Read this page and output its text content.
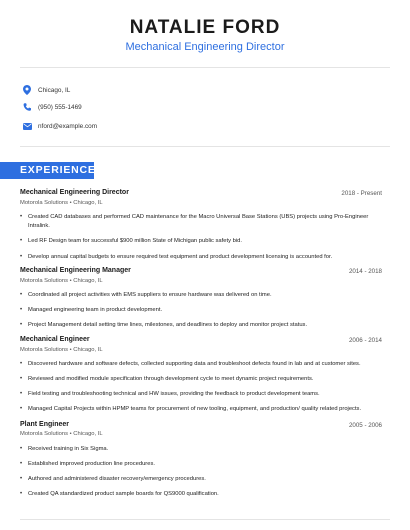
NATALIE FORD
Mechanical Engineering Director
Chicago, IL
(950) 555-1469
nford@example.com
EXPERIENCE
Mechanical Engineering Director	2018 - Present
Motorola Solutions • Chicago, IL
• Created CAD databases and performed CAD maintenance for the Macro Universal Base Stations (UBS) projects using Pro-Engineer Intralink.
• Led RF Design team for successful $900 million State of Michigan public safety bid.
• Develop annual capital budgets to ensure required test equipment and product development licensing is accounted for.
Mechanical Engineering Manager	2014 - 2018
Motorola Solutions • Chicago, IL
• Coordinated all project activities with EMS suppliers to ensure hardware was delivered on time.
• Managed engineering team in product development.
• Project Management detail setting time lines, milestones, and deadlines to deploy and monitor project status.
Mechanical Engineer	2006 - 2014
Motorola Solutions • Chicago, IL
• Discovered hardware and software defects, collected supporting data and troubleshoot defects found in lab and at customer sites.
• Reviewed and modified module specification through development cycle to meet dynamic project requirements.
• Field testing and troubleshooting technical and HW issues, providing the feedback to product development teams.
• Managed Capital Projects within HPMP teams for procurement of new tooling, equipment, and production/ quality related projects.
Plant Engineer	2005 - 2006
Motorola Solutions • Chicago, IL
• Received training in Six Sigma.
• Established improved production line procedures.
• Authored and administered disaster recovery/emergency procedures.
• Created QA standardized product sample boards for QS9000 qualification.
